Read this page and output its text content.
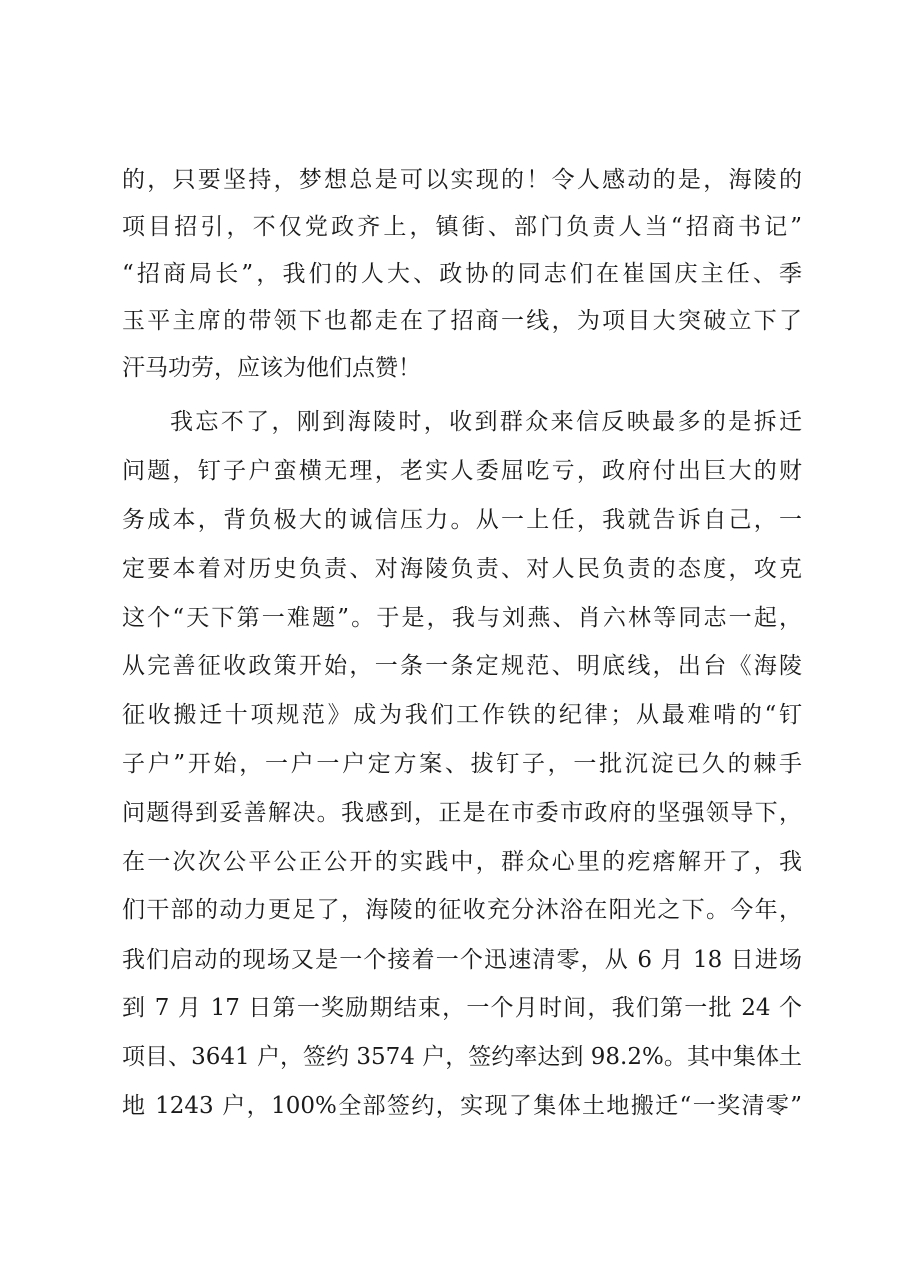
的，只要坚持，梦想总是可以实现的！令人感动的是，海陵的
项目招引，不仅党政齐上，镇街、部门负责人当“招商书记”
“招商局长”，我们的人大、政协的同志们在崔国庆主任、季
玉平主席的带领下也都走在了招商一线，为项目大突破立下了
汗马功劳，应该为他们点赞！
我忘不了，刚到海陵时，收到群众来信反映最多的是拆迁
问题，钉子户蛮横无理，老实人委屈吃亏，政府付出巨大的财
务成本，背负极大的诚信压力。从一上任，我就告诉自己，一
定要本着对历史负责、对海陵负责、对人民负责的态度，攻克
这个“天下第一难题”。于是，我与刘燕、肖六林等同志一起，
从完善征收政策开始，一条一条定规范、明底线，出台《海陵
征收搬迁十项规范》成为我们工作铁的纪律；从最难啃的“钉
子户”开始，一户一户定方案、拔钉子，一批沉淀已久的棘手
问题得到妥善解决。我感到，正是在市委市政府的坚强领导下，
在一次次公平公正公开的实践中，群众心里的疙瘩解开了，我
们干部的动力更足了，海陵的征收充分沐浴在阳光之下。今年，
我们启动的现场又是一个接着一个迅速清零，从 6 月 18 日进场
到 7 月 17 日第一奖励期结束，一个月时间，我们第一批 24 个
项目、3641 户，签约 3574 户，签约率达到 98.2%。其中集体土
地 1243 户，100%全部签约，实现了集体土地搬迁“一奖清零”
